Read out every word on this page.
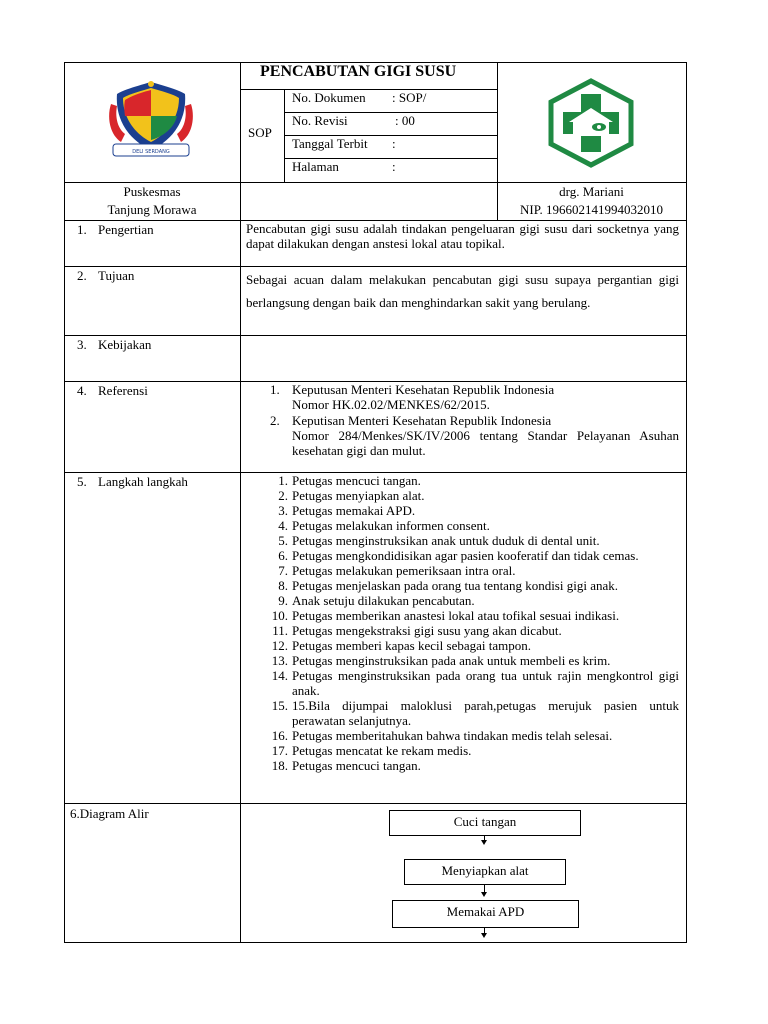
DELI SERDANG
PENCABUTAN GIGI SUSU
SOP
No. Dokumen : SOP/
No. Revisi	: 00
Tanggal Terbit :
Halaman	:
Puskesmas
Tanjung Morawa
drg. Mariani
NIP. 196602141994032010
1. Pengertian	Pencabutan gigi susu adalah tindakan pengeluaran gigi susu dari socketnya yang dapat dilakukan dengan anstesi lokal atau topikal.
2. Tujuan	Sebagai acuan dalam melakukan pencabutan gigi susu supaya pergantian gigi berlangsung dengan baik dan menghindarkan sakit yang berulang.
3. Kebijakan
4. Referensi	1. Keputusan Menteri Kesehatan Republik Indonesia
Nomor HK.02.02/MENKES/62/2015.
2. Keputisan Menteri Kesehatan Republik Indonesia
Nomor 284/Menkes/SK/IV/2006 tentang Standar Pelayanan Asuhan kesehatan gigi dan mulut.
5. Langkah langkah	1. Petugas mencuci tangan.
2. Petugas menyiapkan alat.
3. Petugas memakai APD.
4. Petugas melakukan informen consent.
5. Petugas menginstruksikan anak untuk duduk di dental unit.
6. Petugas mengkondidisikan agar pasien kooferatif dan tidak cemas.
7. Petugas melakukan pemeriksaan intra oral.
8. Petugas menjelaskan pada orang tua tentang kondisi gigi anak.
9. Anak setuju dilakukan pencabutan.
10. Petugas memberikan anastesi lokal atau tofikal sesuai indikasi.
11. Petugas mengekstraksi gigi susu yang akan dicabut.
12. Petugas memberi kapas kecil sebagai tampon.
13. Petugas menginstruksikan pada anak untuk membeli es krim.
14. Petugas menginstruksikan pada orang tua untuk rajin mengkontrol gigi anak.
15. 15.Bila dijumpai maloklusi parah,petugas merujuk pasien untuk perawatan selanjutnya.
16. Petugas memberitahukan bahwa tindakan medis telah selesai.
17. Petugas mencatat ke rekam medis.
18. Petugas mencuci tangan.
6.Diagram Alir
Cuci tangan
Menyiapkan alat
Memakai APD
